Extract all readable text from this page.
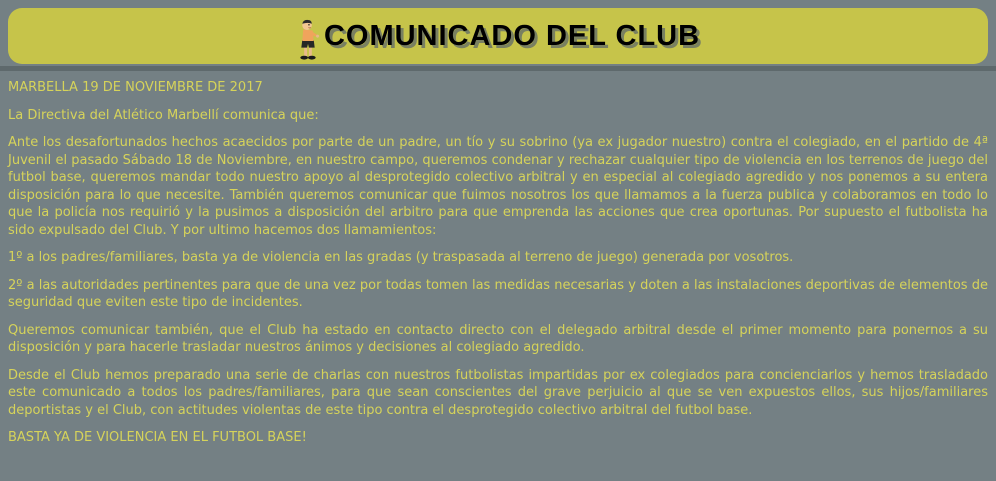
COMUNICADO DEL CLUB

MARBELLA 19 DE NOVIEMBRE DE 2017

La Directiva del Atlético Marbellí comunica que:

Ante los desafortunados hechos acaecidos por parte de un padre, un tío y su sobrino (ya ex jugador nuestro) contra el colegiado, en el partido de 4ª Juvenil el pasado Sábado 18 de Noviembre, en nuestro campo, queremos condenar y rechazar cualquier tipo de violencia en los terrenos de juego del futbol base, queremos mandar todo nuestro apoyo al desprotegido colectivo arbitral y en especial al colegiado agredido y nos ponemos a su entera disposición para lo que necesite. También queremos comunicar que fuimos nosotros los que llamamos a la fuerza publica y colaboramos en todo lo que la policía nos requirió y la pusimos a disposición del arbitro para que emprenda las acciones que crea oportunas. Por supuesto el futbolista ha sido expulsado del Club. Y por ultimo hacemos dos llamamientos:

1º a los padres/familiares, basta ya de violencia en las gradas (y traspasada al terreno de juego) generada por vosotros.

2º a las autoridades pertinentes para que de una vez por todas tomen las medidas necesarias y doten a las instalaciones deportivas de elementos de seguridad que eviten este tipo de incidentes.

Queremos comunicar también, que el Club ha estado en contacto directo con el delegado arbitral desde el primer momento para ponernos a su disposición y para hacerle trasladar nuestros ánimos y decisiones al colegiado agredido.

Desde el Club hemos preparado una serie de charlas con nuestros futbolistas impartidas por ex colegiados para concienciarlos y hemos trasladado este comunicado a todos los padres/familiares, para que sean conscientes del grave perjuicio al que se ven expuestos ellos, sus hijos/familiares deportistas y el Club, con actitudes violentas de este tipo contra el desprotegido colectivo arbitral del futbol base.

BASTA YA DE VIOLENCIA EN EL FUTBOL BASE!
